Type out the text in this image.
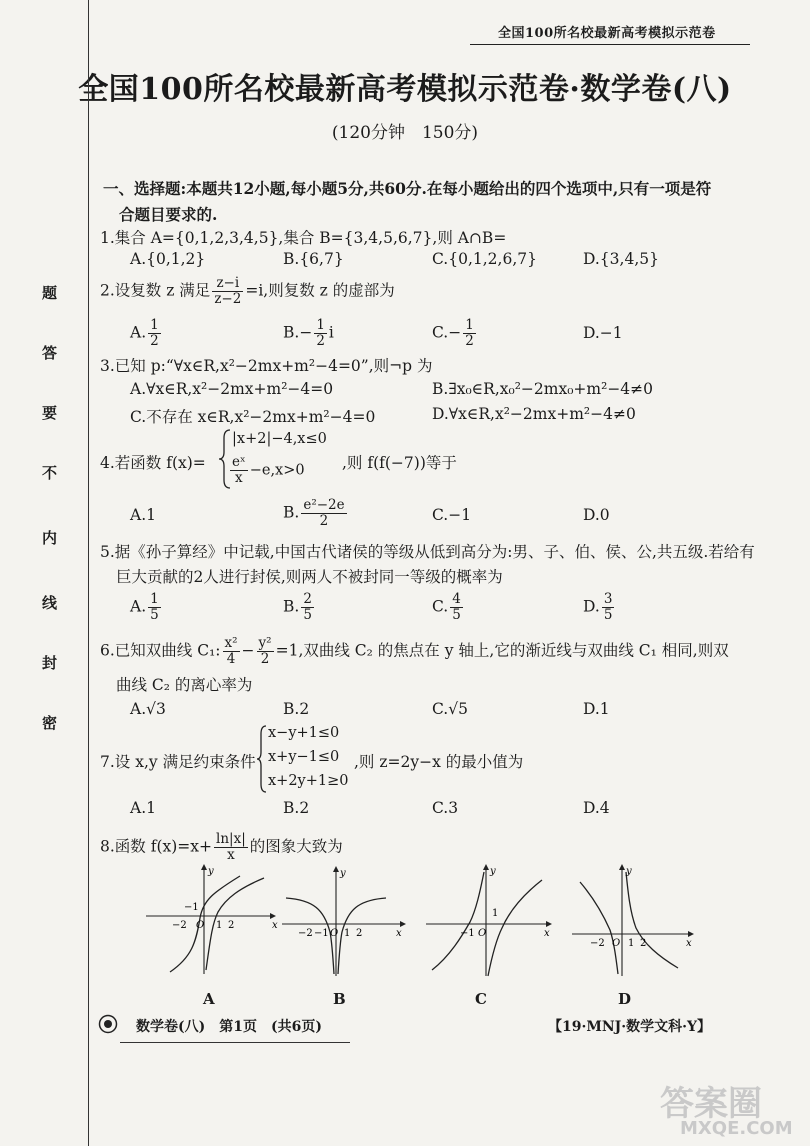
全国100所名校最新高考模拟示范卷
全国100所名校最新高考模拟示范卷·数学卷(八)
(120分钟　150分)
题
答
要
不
内
线
封
密
一、选择题:本题共12小题,每小题5分,共60分.在每小题给出的四个选项中,只有一项是符
合题目要求的.
1.集合 A={0,1,2,3,4,5},集合 B={3,4,5,6,7},则 A∩B=
A.{0,1,2}	B.{6,7}	C.{0,1,2,6,7}	D.{3,4,5}
2.设复数 z 满足 $\frac{z-i}{z-2} =i$,则复数 z 的虚部为
A. $\frac{1}{2}$	$B.- \frac{1}{2}$ i	$C.- \frac{1}{2}$	D.−1
3.已知 p:“∀x∈R,x²−2mx+m²−4=0”,则¬p 为
A.∀x∈R,x²−2mx+m²−4=0	B.∃x₀∈R,x₀²−2mx₀+m²−4≠0
C.不存在 x∈R,x²−2mx+m²−4=0	D.∀x∈R,x²−2mx+m²−4≠0
4.若函数 f(x)=
|x+2|−4,x≤0
$\frac{\text{eˣ}}{x} -e,x>0$ ,则 f(f(−7))等于
A.1	B. $\frac{\text{e²−2e}}{2}$	C.−1	D.0
5.据《孙子算经》中记载,中国古代诸侯的等级从低到高分为:男、子、伯、侯、公,共五级.若给有
巨大贡献的2人进行封侯,则两人不被封同一等级的概率为
A. $\frac{1}{5}$	B. $\frac{2}{5}$	C. $\frac{4}{5}$	D. $\frac{3}{5}$
6.已知双曲线 C₁: $\frac{\text{x²}}{4} - \frac{\text{y²}}{2} =1$,双曲线 C₂ 的焦点在 y 轴上,它的渐近线与双曲线 C₁ 相同,则双
曲线 C₂ 的离心率为
A.√3	B.2	C.√5	D.1
7.设 x,y 满足约束条件
x−y+1≤0
x+y−1≤0
x+2y+1≥0
,则 z=2y−x 的最小值为
A.1	B.2	C.3	D.4
8.函数 $f(x)=x+ \frac{\ln|x|}{x}$ 的图象大致为
x
y
−2
−1
O 1 2
A
x
y
−2 −1 O 1 2
B
x
y
−1 O
1
C
x
y
−2 O 1 2
D
数学卷(八)　第1页　(共6页)	【19·MNJ·数学文科·Y】
答案圈
MXQE.COM
